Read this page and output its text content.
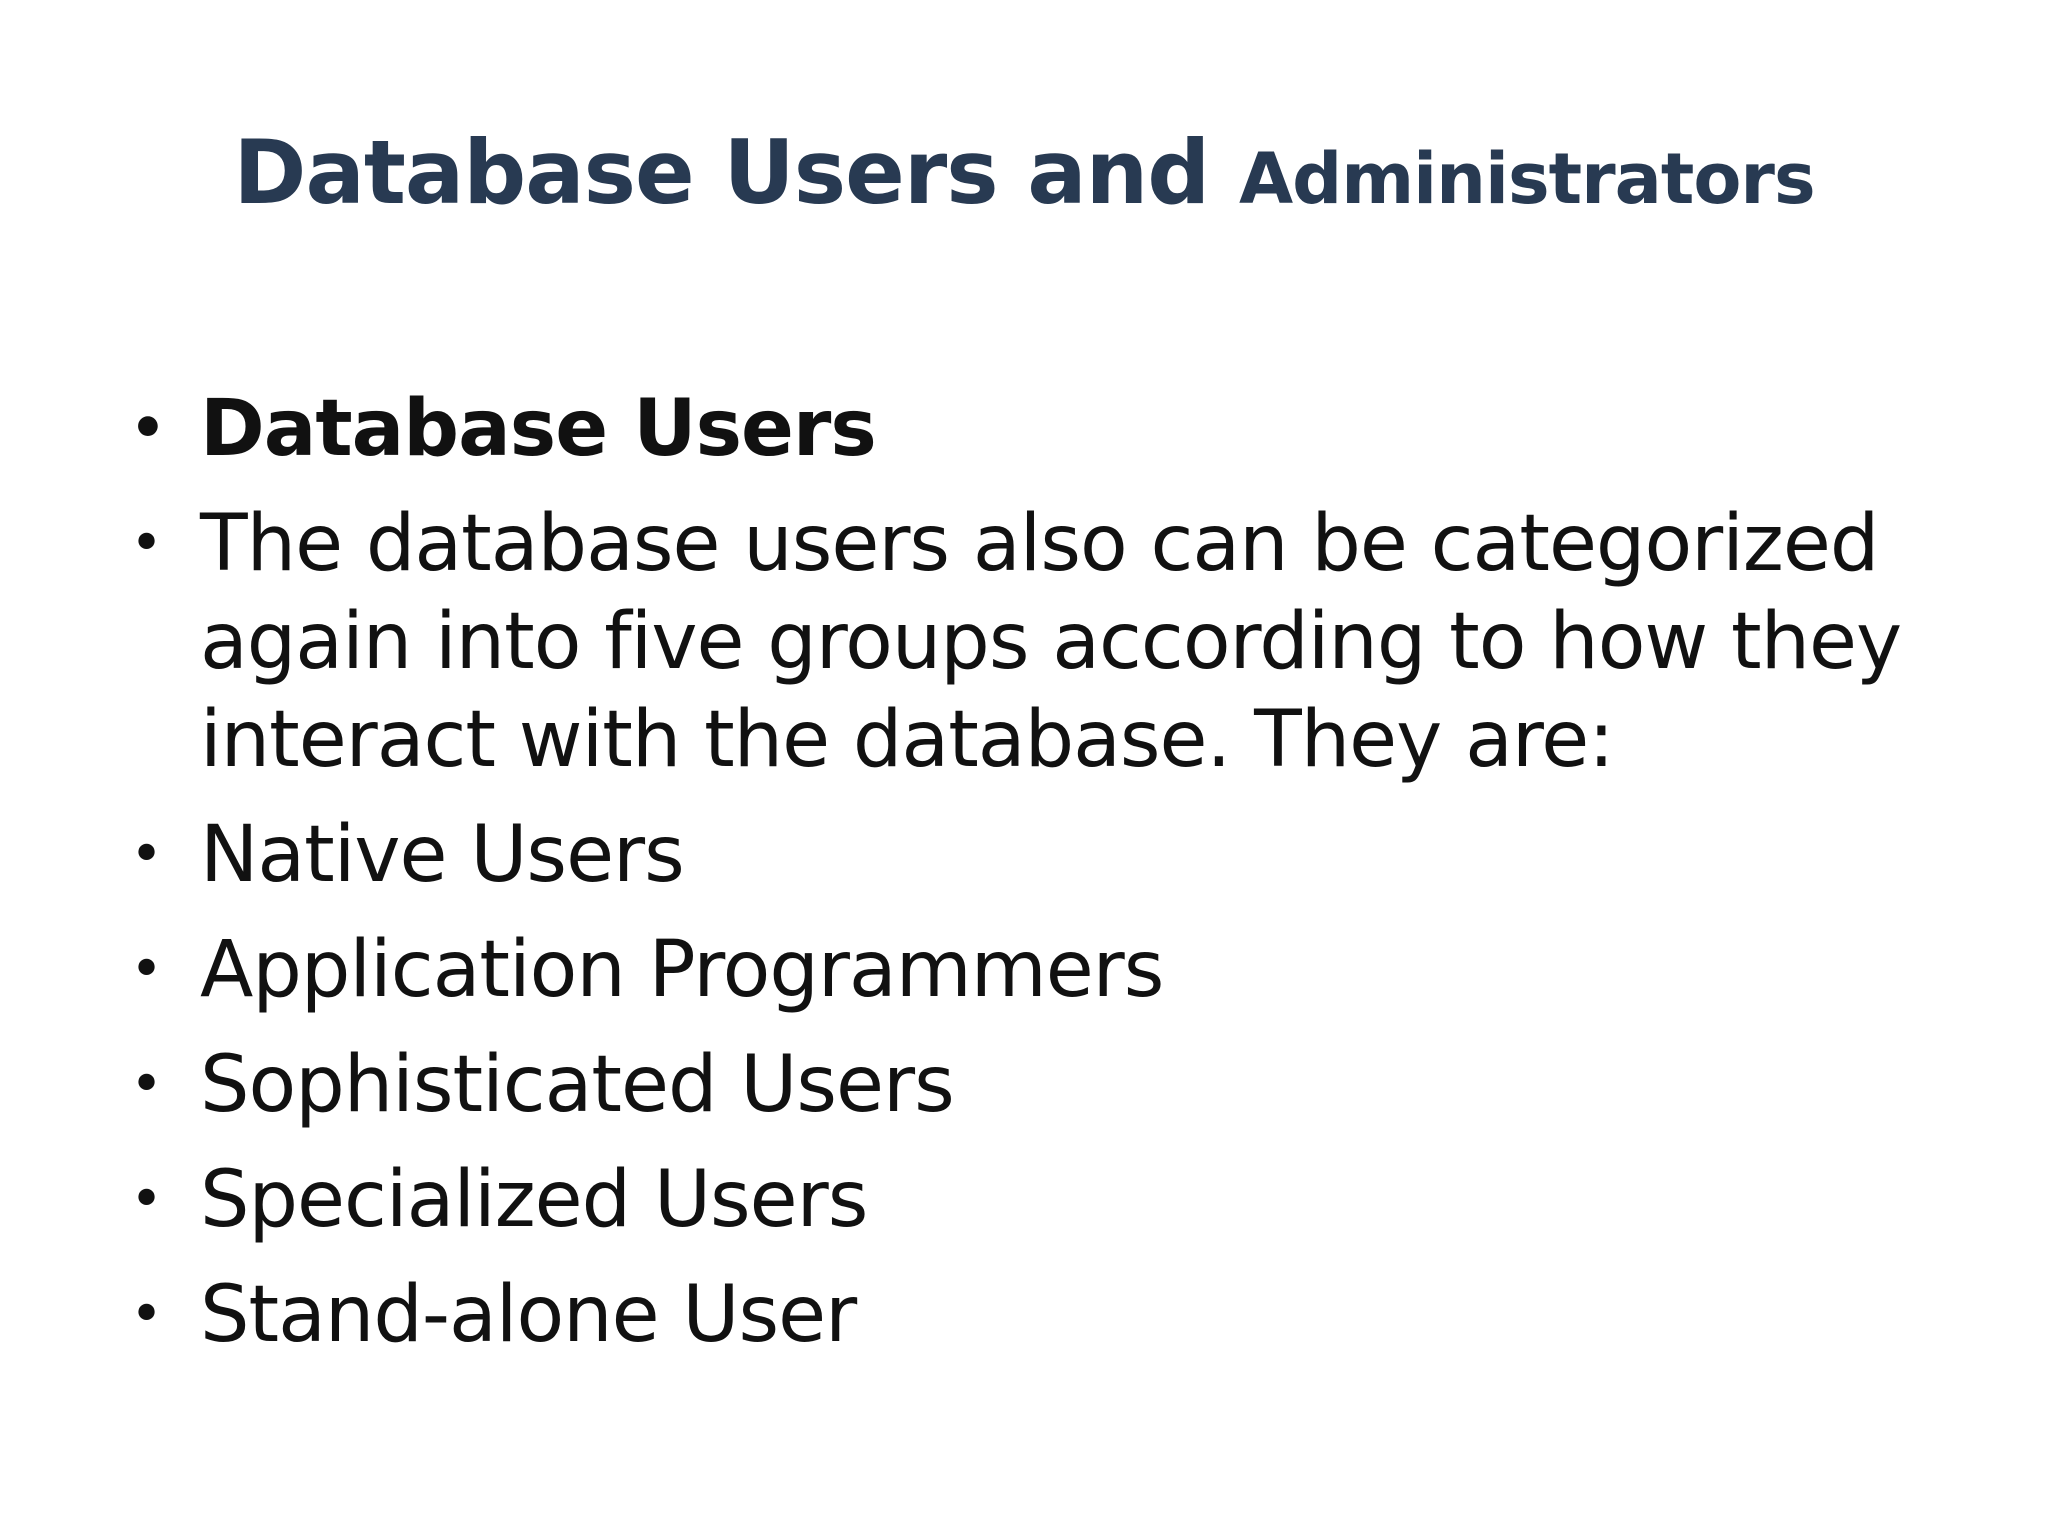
Database Users and Administrators
• Database Users
• The database users also can be categorized again into five groups according to how they interact with the database. They are:
• Native Users
• Application Programmers
• Sophisticated Users
• Specialized Users
• Stand-alone User
